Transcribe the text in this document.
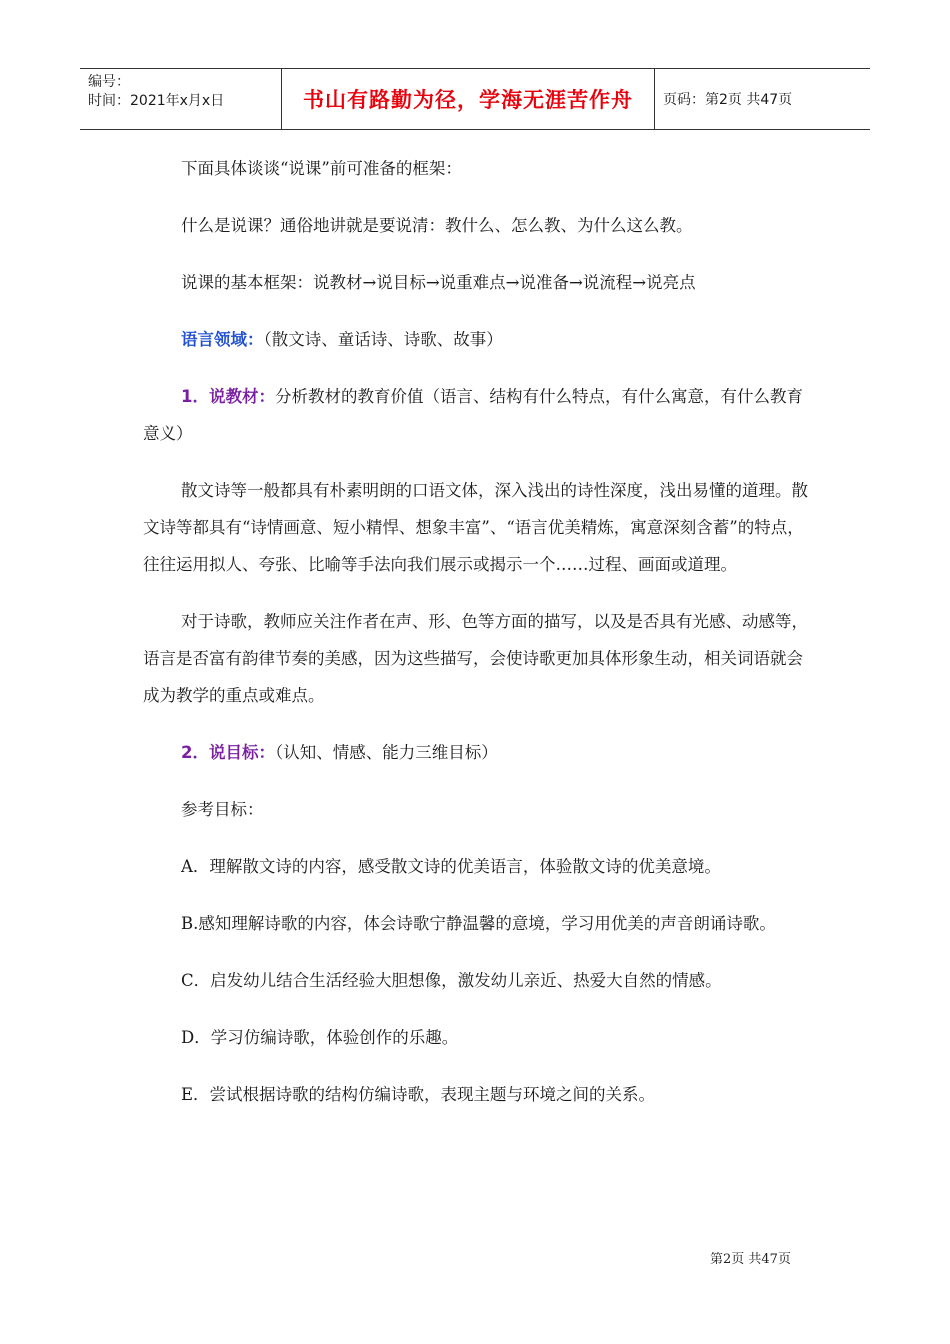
编号：
时间：2021年x月x日	书山有路勤为径，学海无涯苦作舟	页码：第2页 共47页

下面具体谈谈“说课”前可准备的框架：

什么是说课？通俗地讲就是要说清：教什么、怎么教、为什么这么教。

说课的基本框架：说教材→说目标→说重难点→说准备→说流程→说亮点

语言领域：（散文诗、童话诗、诗歌、故事）

1．说教材：分析教材的教育价值（语言、结构有什么特点，有什么寓意，有什么教育意义）

散文诗等一般都具有朴素明朗的口语文体，深入浅出的诗性深度，浅出易懂的道理。散文诗等都具有“诗情画意、短小精悍、想象丰富”、“语言优美精炼，寓意深刻含蓄”的特点，往往运用拟人、夸张、比喻等手法向我们展示或揭示一个……过程、画面或道理。

对于诗歌，教师应关注作者在声、形、色等方面的描写，以及是否具有光感、动感等，语言是否富有韵律节奏的美感，因为这些描写，会使诗歌更加具体形象生动，相关词语就会成为教学的重点或难点。

2．说目标：（认知、情感、能力三维目标）

参考目标：

A．理解散文诗的内容，感受散文诗的优美语言，体验散文诗的优美意境。

B.感知理解诗歌的内容，体会诗歌宁静温馨的意境，学习用优美的声音朗诵诗歌。

C．启发幼儿结合生活经验大胆想像，激发幼儿亲近、热爱大自然的情感。

D．学习仿编诗歌，体验创作的乐趣。

E．尝试根据诗歌的结构仿编诗歌，表现主题与环境之间的关系。

第2页 共47页
